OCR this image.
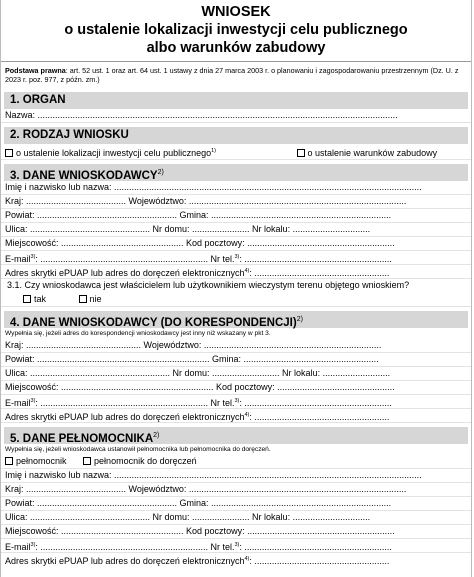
WNIOSEK
o ustalenie lokalizacji inwestycji celu publicznego
albo warunków zabudowy
Podstawa prawna: art. 52 ust. 1 oraz art. 64 ust. 1 ustawy z dnia 27 marca 2003 r. o planowaniu i zagospodarowaniu przestrzennym (Dz. U. z 2023 r. poz. 977, z późn. zm.)
1. ORGAN
Nazwa: ................................................................................................................................................
2. RODZAJ WNIOSKU
o ustalenie lokalizacji inwestycji celu publicznego$^{1)}$	o ustalenie warunków zabudowy
3. DANE WNIOSKODAWCY$^{2)}$
Imię i nazwisko lub nazwa: ...........................................................................................................................
Kraj: ........................................ Województwo: .......................................................................................
Powiat: ........................................................ Gmina: ........................................................................
Ulica: ................................................ Nr domu: ....................... Nr lokalu: ...............................
Miejscowość: ................................................. Kod pocztowy: ...........................................................
E-mail$^{3)}$: ................................................................... Nr tel.$^{3)}$: ...........................................................
Adres skrytki ePUAP lub adres do doręczeń elektronicznych$^{4)}$: ......................................................
3.1. Czy wnioskodawca jest właścicielem lub użytkownikiem wieczystym terenu objętego wnioskiem?
tak	nie
4. DANE WNIOSKODAWCY (DO KORESPONDENCJI)$^{2)}$
Wypełnia się, jeżeli adres do korespondencji wnioskodawcy jest inny niż wskazany w pkt 3.
Kraj: .............................................. Województwo: .......................................................................
Powiat: ..................................................................... Gmina: ......................................................
Ulica: ........................................................ Nr domu: ........................... Nr lokalu: ...........................
Miejscowość: ............................................................. Kod pocztowy: ...............................................
E-mail$^{3)}$: ................................................................... Nr tel.$^{3)}$: ...........................................................
Adres skrytki ePUAP lub adres do doręczeń elektronicznych$^{4)}$: ......................................................
5. DANE PEŁNOMOCNIKA$^{2)}$
Wypełnia się, jeżeli wnioskodawca ustanowił pełnomocnika lub pełnomocnika do doręczeń.
pełnomocnik	pełnomocnik do doręczeń
Imię i nazwisko lub nazwa: ...........................................................................................................................
Kraj: ........................................ Województwo: .......................................................................................
Powiat: ........................................................ Gmina: ........................................................................
Ulica: ................................................ Nr domu: ....................... Nr lokalu: ...............................
Miejscowość: ................................................. Kod pocztowy: ...........................................................
E-mail$^{3)}$: ................................................................... Nr tel.$^{3)}$: ...........................................................
Adres skrytki ePUAP lub adres do doręczeń elektronicznych$^{4)}$: ......................................................
